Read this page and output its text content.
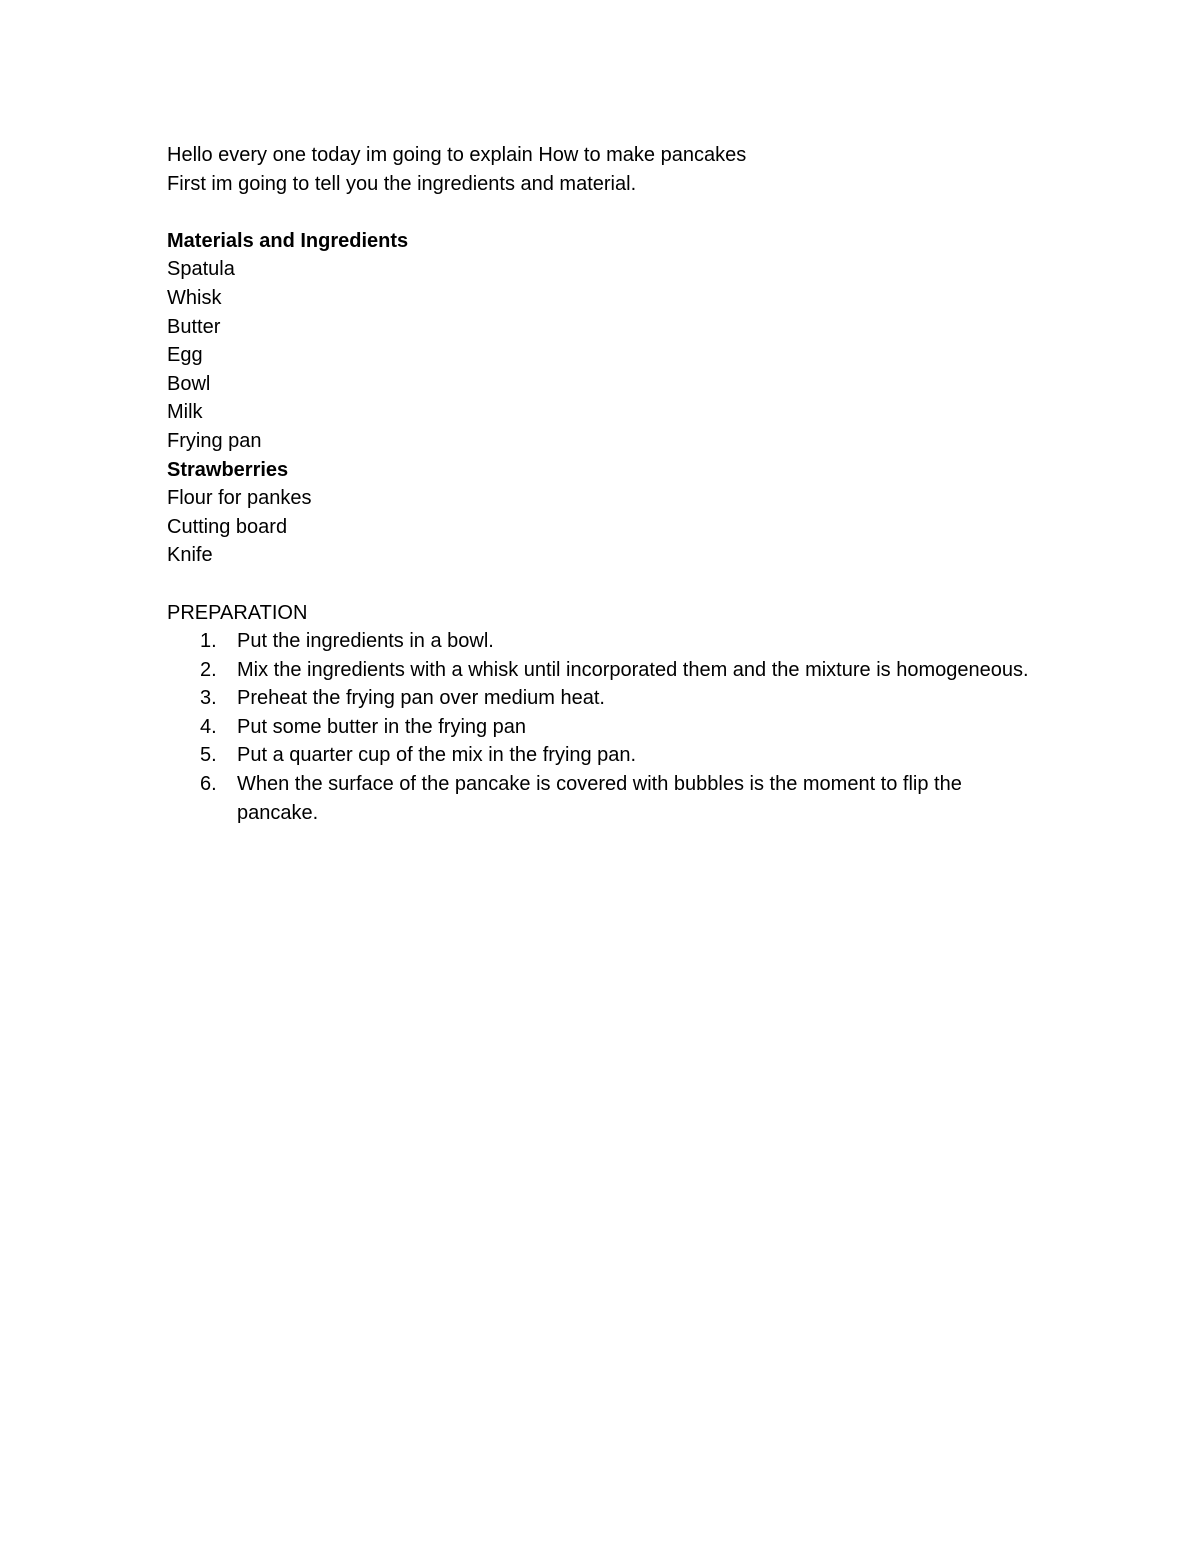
Hello every one today im going to explain How to make pancakes
First im going to tell you the ingredients and material.
Materials and Ingredients
Spatula
Whisk
Butter
Egg
Bowl
Milk
Frying pan
Strawberries
Flour for pankes
Cutting board
Knife
PREPARATION
1. Put the ingredients in a bowl.
2. Mix the ingredients with a whisk until incorporated them and the mixture is homogeneous.
3. Preheat the frying pan over medium heat.
4. Put some butter in the frying pan
5. Put a quarter cup of the mix in the frying pan.
6. When the surface of the pancake is covered with bubbles is the moment to flip the pancake.
